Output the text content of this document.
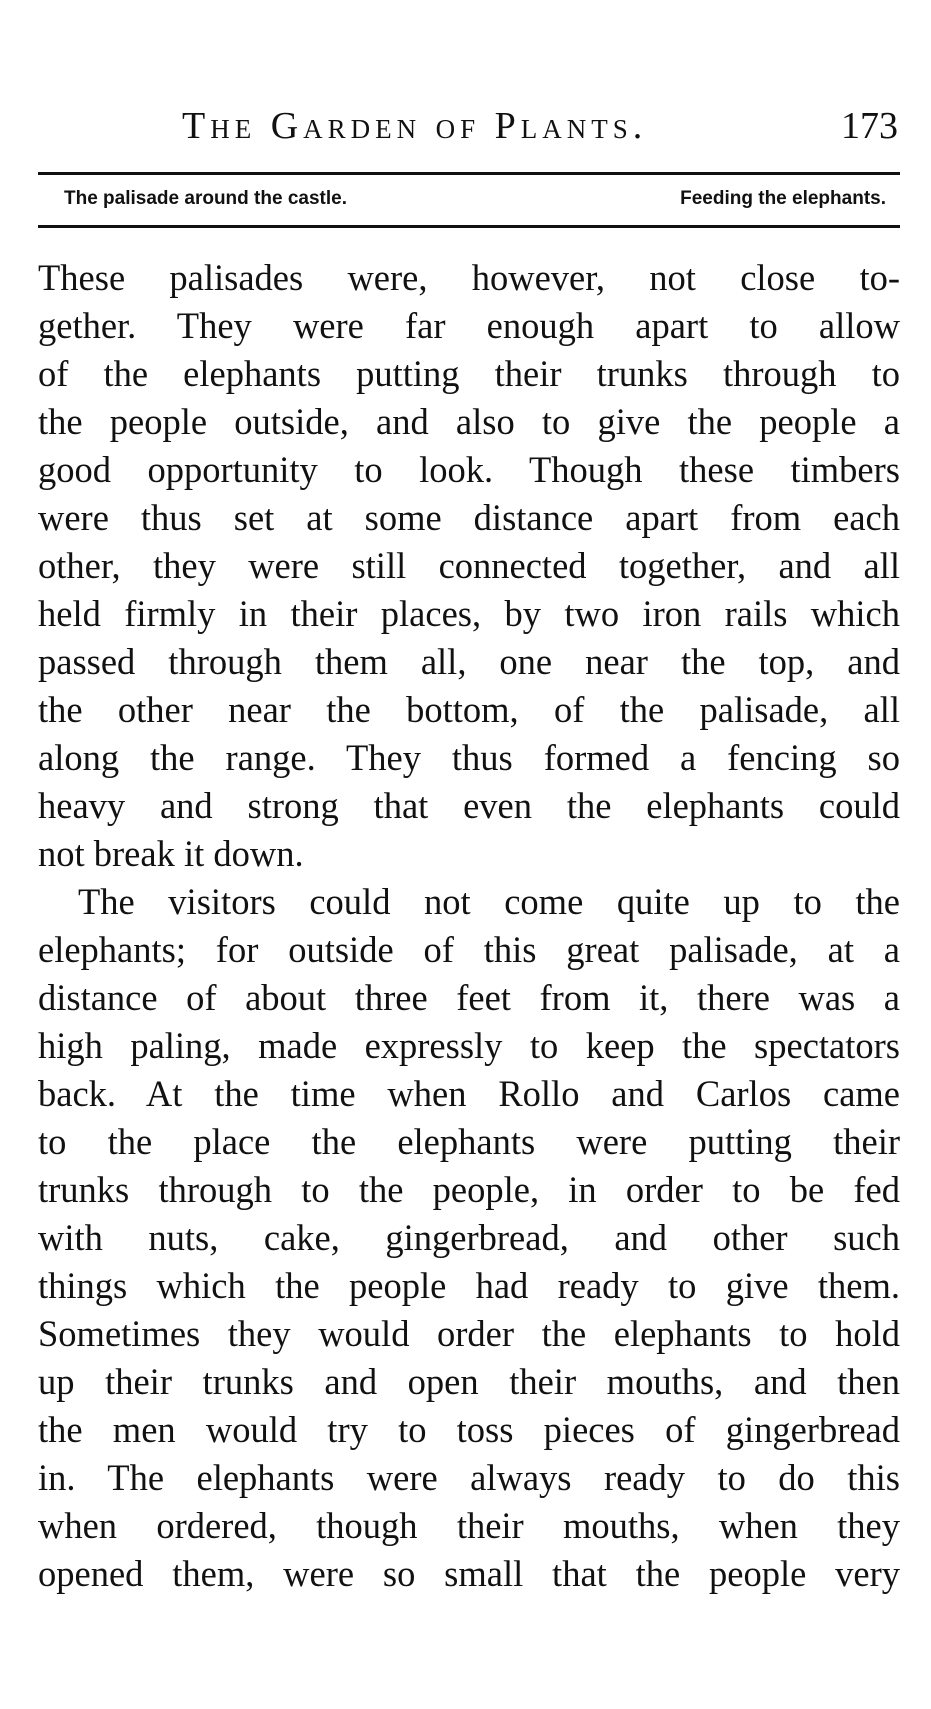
The Garden of Plants.	173
The palisade around the castle.	Feeding the elephants.
These palisades were, however, not close to-
gether. They were far enough apart to allow
of the elephants putting their trunks through to
the people outside, and also to give the people a
good opportunity to look. Though these timbers
were thus set at some distance apart from each
other, they were still connected together, and all
held firmly in their places, by two iron rails which
passed through them all, one near the top, and
the other near the bottom, of the palisade, all
along the range. They thus formed a fencing so
heavy and strong that even the elephants could
not break it down.
The visitors could not come quite up to the
elephants; for outside of this great palisade, at a
distance of about three feet from it, there was a
high paling, made expressly to keep the spectators
back. At the time when Rollo and Carlos came
to the place the elephants were putting their
trunks through to the people, in order to be fed
with nuts, cake, gingerbread, and other such
things which the people had ready to give them.
Sometimes they would order the elephants to hold
up their trunks and open their mouths, and then
the men would try to toss pieces of gingerbread
in. The elephants were always ready to do this
when ordered, though their mouths, when they
opened them, were so small that the people very
